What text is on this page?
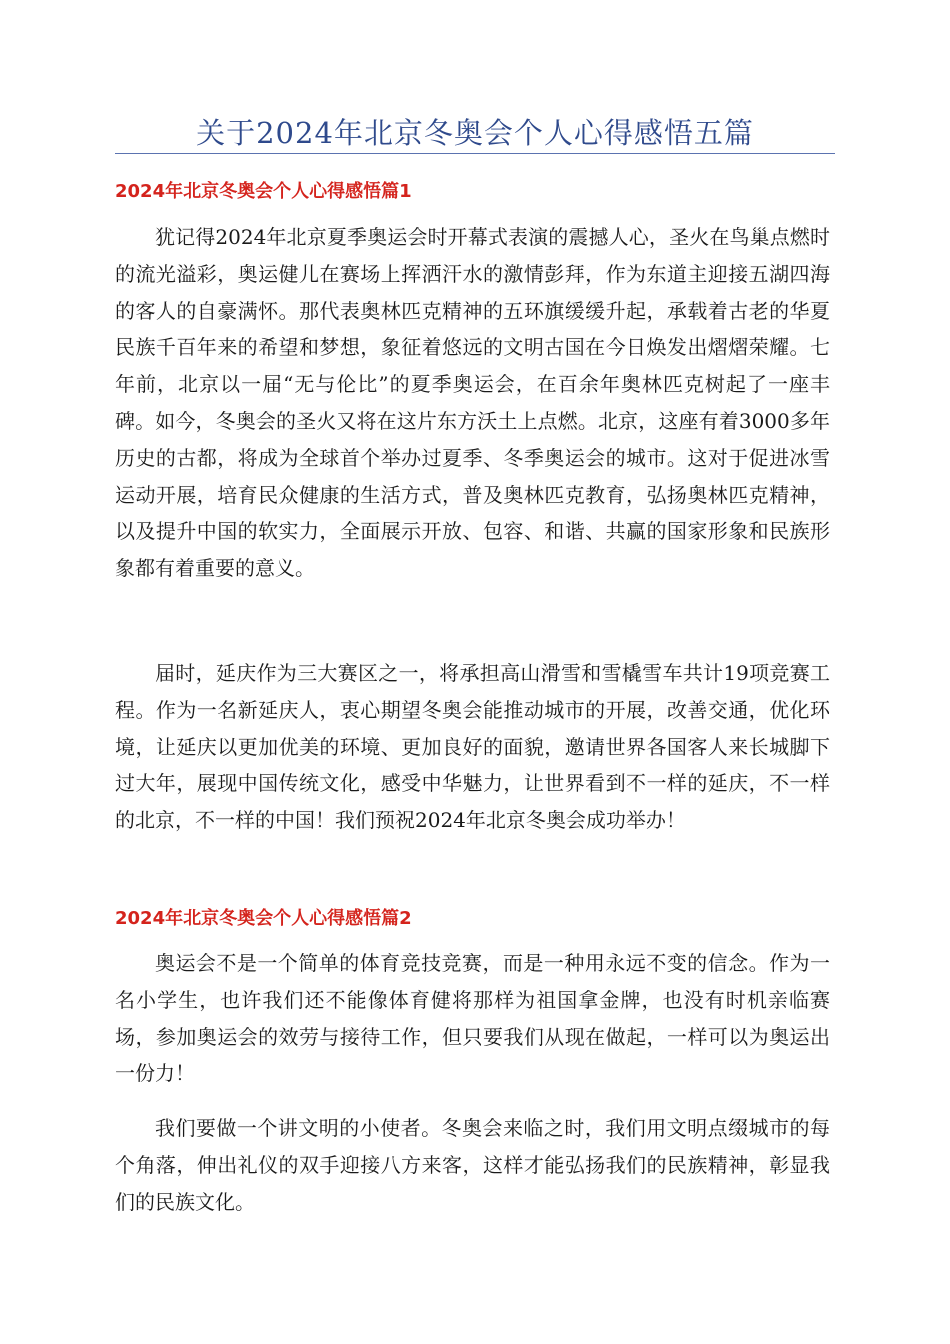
关于2024年北京冬奥会个人心得感悟五篇
2024年北京冬奥会个人心得感悟篇1

犹记得2024年北京夏季奥运会时开幕式表演的震撼人心，圣火在鸟巢点燃时的流光溢彩，奥运健儿在赛场上挥洒汗水的激情彭拜，作为东道主迎接五湖四海的客人的自豪满怀。那代表奥林匹克精神的五环旗缓缓升起，承载着古老的华夏民族千百年来的希望和梦想，象征着悠远的文明古国在今日焕发出熠熠荣耀。七年前，北京以一届“无与伦比”的夏季奥运会，在百余年奥林匹克树起了一座丰碑。如今，冬奥会的圣火又将在这片东方沃土上点燃。北京，这座有着3000多年历史的古都，将成为全球首个举办过夏季、冬季奥运会的城市。这对于促进冰雪运动开展，培育民众健康的生活方式，普及奥林匹克教育，弘扬奥林匹克精神，以及提升中国的软实力，全面展示开放、包容、和谐、共赢的国家形象和民族形象都有着重要的意义。

届时，延庆作为三大赛区之一，将承担高山滑雪和雪橇雪车共计19项竞赛工程。作为一名新延庆人，衷心期望冬奥会能推动城市的开展，改善交通，优化环境，让延庆以更加优美的环境、更加良好的面貌，邀请世界各国客人来长城脚下过大年，展现中国传统文化，感受中华魅力，让世界看到不一样的延庆，不一样的北京，不一样的中国！我们预祝2024年北京冬奥会成功举办！

2024年北京冬奥会个人心得感悟篇2

奥运会不是一个简单的体育竞技竞赛，而是一种用永远不变的信念。作为一名小学生，也许我们还不能像体育健将那样为祖国拿金牌，也没有时机亲临赛场，参加奥运会的效劳与接待工作，但只要我们从现在做起，一样可以为奥运出一份力！

我们要做一个讲文明的小使者。冬奥会来临之时，我们用文明点缀城市的每个角落，伸出礼仪的双手迎接八方来客，这样才能弘扬我们的民族精神，彰显我们的民族文化。
